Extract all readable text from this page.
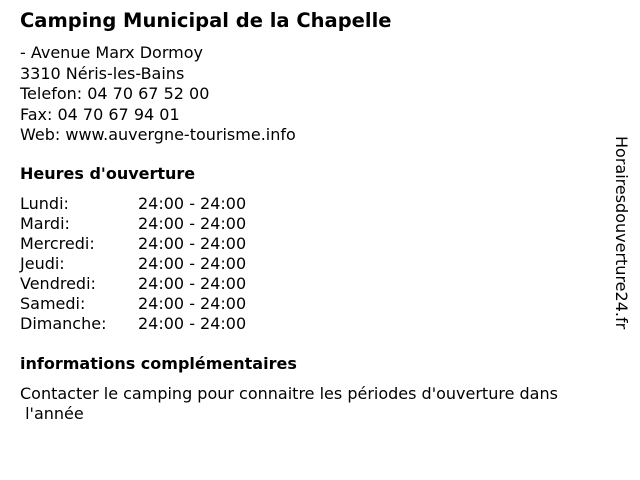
Camping Municipal de la Chapelle
- Avenue Marx Dormoy
3310 Néris-les-Bains
Telefon: 04 70 67 52 00
Fax: 04 70 67 94 01
Web: www.auvergne-tourisme.info
Heures d'ouverture
Lundi:	24:00 - 24:00
Mardi:	24:00 - 24:00
Mercredi:	24:00 - 24:00
Jeudi:	24:00 - 24:00
Vendredi:	24:00 - 24:00
Samedi:	24:00 - 24:00
Dimanche: 24:00 - 24:00
informations complémentaires
Contacter le camping pour connaitre les périodes d'ouverture dans
l'année
Horairesdouverture24.fr
